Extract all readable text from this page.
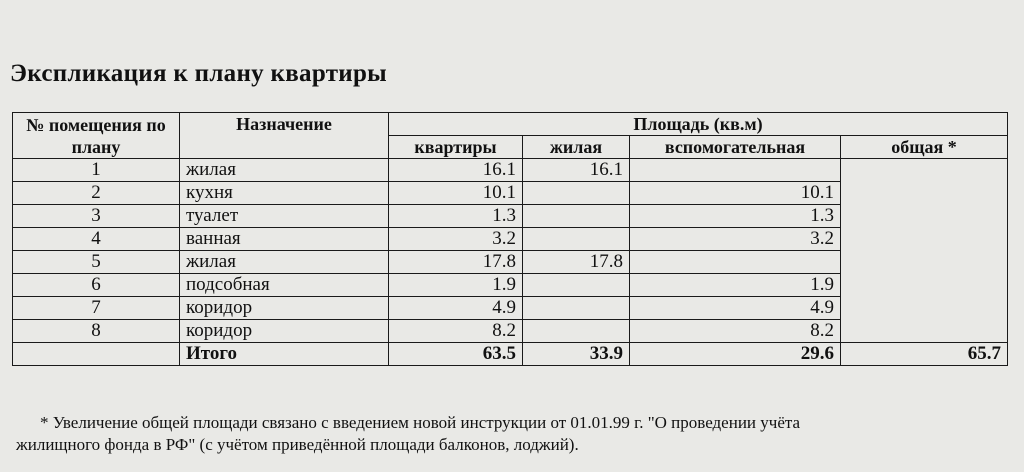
Экспликация к плану квартиры
№ помещения по плану	Назначение	Площадь (кв.м)			
		квартиры	жилая	вспомогательная	общая *
1	жилая	16.1	16.1		
2	кухня	10.1		10.1	
3	туалет	1.3		1.3	
4	ванная	3.2		3.2	
5	жилая	17.8	17.8		
6	подсобная	1.9		1.9	
7	коридор	4.9		4.9	
8	коридор	8.2		8.2	
	Итого	63.5	33.9	29.6	65.7
* Увеличение общей площади связано с введением новой инструкции от 01.01.99 г. "О проведении учёта
жилищного фонда в РФ" (с учётом приведённой площади балконов, лоджий).
